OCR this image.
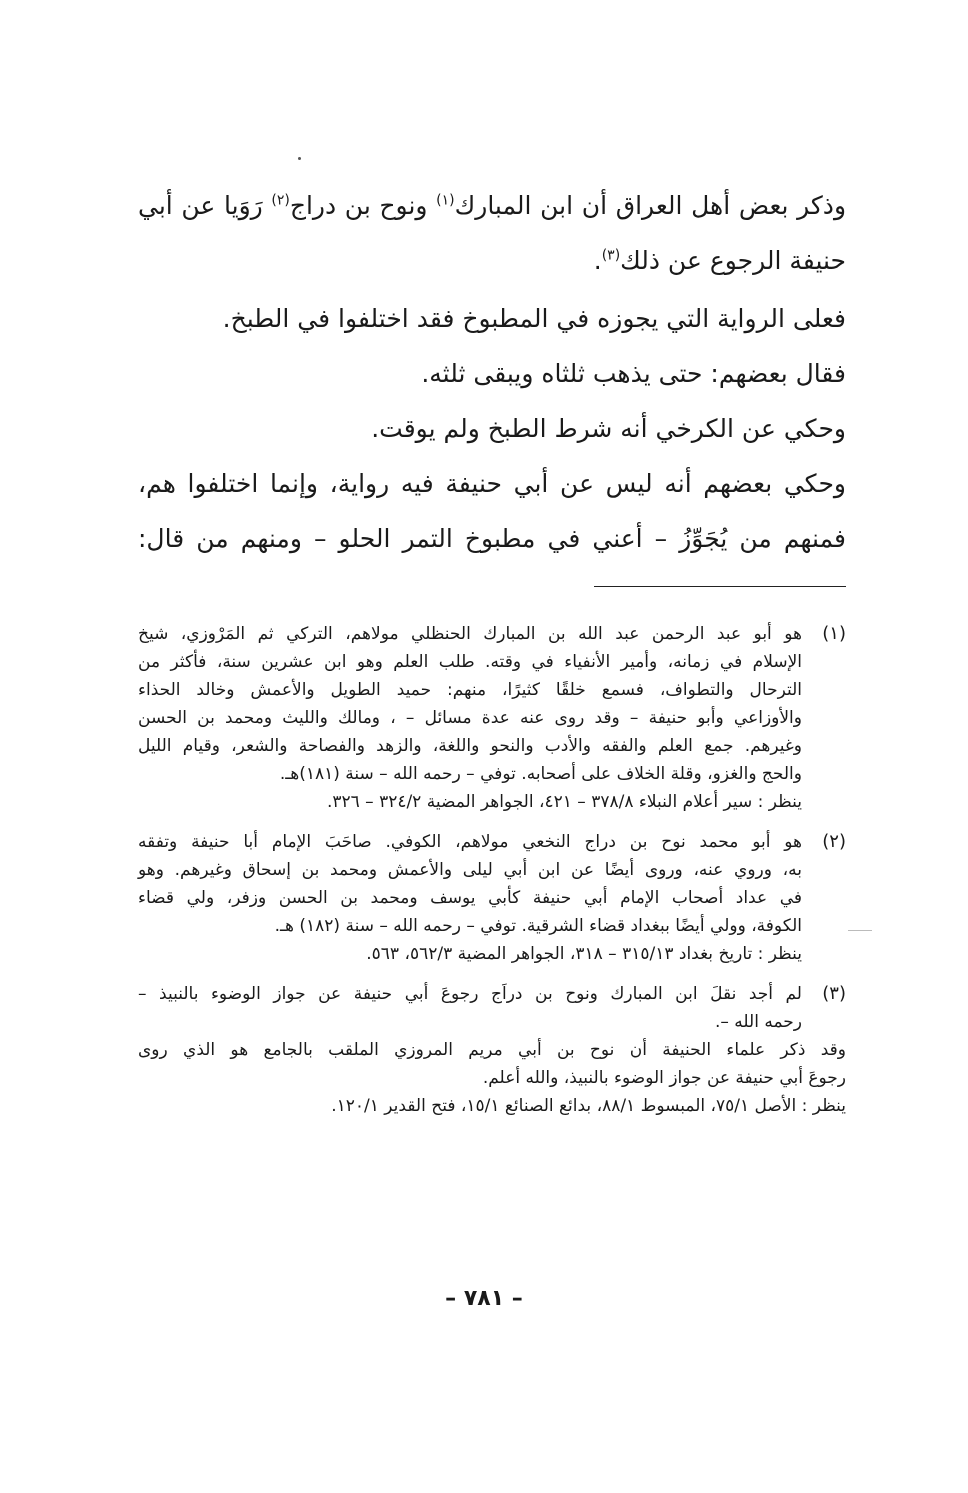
وذكر بعض أهل العراق أن ابن المبارك$^{(١)}$ ونوح بن دراج$^{(٢)}$ رَوَيا عن أبي حنيفة الرجوع عن ذلك$^{(٣)}$.

فعلى الرواية التي يجوزه في المطبوخ فقد اختلفوا في الطبخ.

فقال بعضهم: حتى يذهب ثلثاه ويبقى ثلثه.

وحكي عن الكرخي أنه شرط الطبخ ولم يوقت.

وحكي بعضهم أنه ليس عن أبي حنيفة فيه رواية، وإنما اختلفوا هم، فمنهم من يُجَوِّزُ – أعني في مطبوخ التمر الحلو – ومنهم من قال:

(١)

هو أبو عبد الرحمن عبد الله بن المبارك الحنظلي مولاهم، التركي ثم المَرْوزي، شيخ

الإسلام في زمانه، وأمير الأنفياء في وقته. طلب العلم وهو ابن عشرين سنة، فأكثر من

الترحال والتطواف، فسمع خلقًا كثيرًا، منهم: حميد الطويل والأعمش وخالد الحذاء

والأوزاعي وأبو حنيفة – وقد روى عنه عدة مسائل – ، ومالك والليث ومحمد بن الحسن

وغيرهم. جمع العلم والفقه والأدب والنحو واللغة، والزهد والفصاحة والشعر، وقيام الليل

والحج والغزو، وقلة الخلاف على أصحابه. توفي – رحمه الله – سنة (١٨١)هـ.

ينظر : سير أعلام النبلاء ٣٧٨/٨ – ٤٢١، الجواهر المضية ٣٢٤/٢ – ٣٢٦.

(٢)

هو أبو محمد نوح بن دراج النخعي مولاهم، الكوفي. صاحَبَ الإمام أبا حنيفة وتفقه

به، وروي عنه، وروى أيضًا عن ابن أبي ليلى والأعمش ومحمد بن إسحاق وغيرهم. وهو

في عداد أصحاب الإمام أبي حنيفة كأبي يوسف ومحمد بن الحسن وزفر، ولي قضاء

الكوفة، وولي أيضًا ببغداد قضاء الشرقية. توفي – رحمه الله – سنة (١٨٢) هـ.

ينظر : تاريخ بغداد ٣١٥/١٣ – ٣١٨، الجواهر المضية ٥٦٢/٣، ٥٦٣.

(٣)

لم أجد نقلَ ابن المبارك ونوح بن دراَج رجوعَ أبي حنيفة عن جواز الوضوء بالنبيذ –

رحمه الله –.

وقد ذكر علماء الحنيفة أن نوح بن أبي مريم المروزي الملقب بالجامع هو الذي روى

رجوعَ أبي حنيفة عن جواز الوضوء بالنبيذ، والله أعلم.

ينظر : الأصل ٧٥/١، المبسوط ٨٨/١، بدائع الصنائع ١٥/١، فتح القدير ١٢٠/١.

– ٧٨١ –
